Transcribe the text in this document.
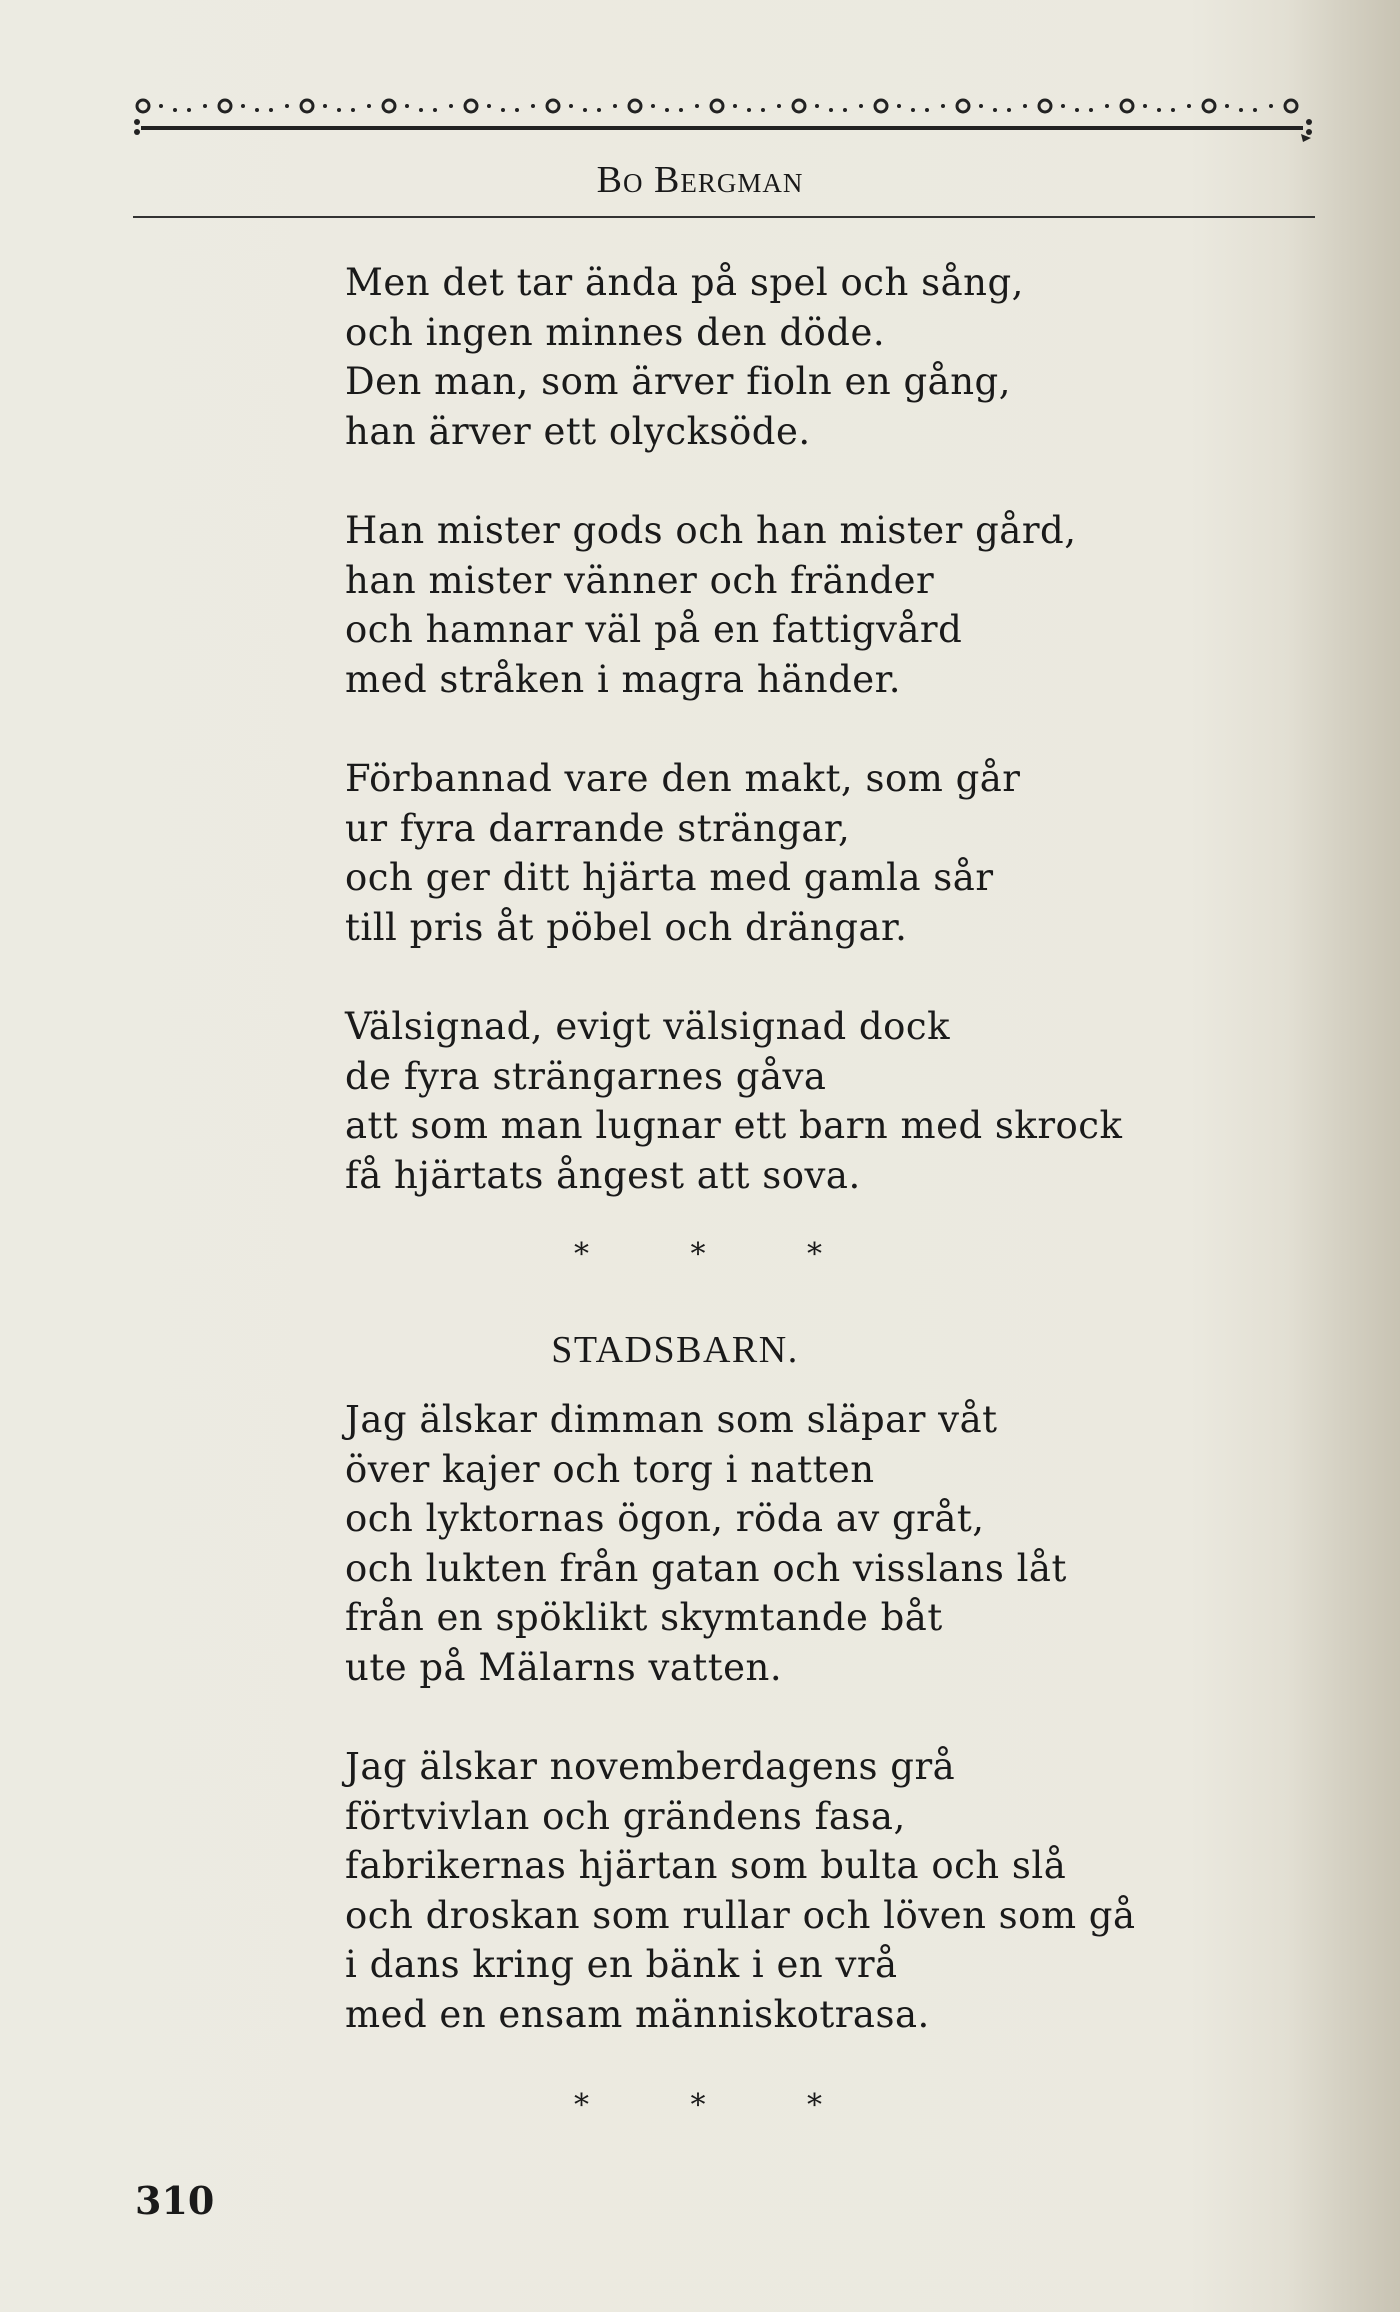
Bo Bergman
Men det tar ända på spel och sång,
och ingen minnes den döde.
Den man, som ärver fioln en gång,
han ärver ett olycksöde.
Han mister gods och han mister gård,
han mister vänner och fränder
och hamnar väl på en fattigvård
med stråken i magra händer.
Förbannad vare den makt, som går
ur fyra darrande strängar,
och ger ditt hjärta med gamla sår
till pris åt pöbel och drängar.
Välsignad, evigt välsignad dock
de fyra strängarnes gåva
att som man lugnar ett barn med skrock
få hjärtats ångest att sova.
* * *
STADSBARN.
Jag älskar dimman som släpar våt
över kajer och torg i natten
och lyktornas ögon, röda av gråt,
och lukten från gatan och visslans låt
från en spöklikt skymtande båt
ute på Mälarns vatten.
Jag älskar novemberdagens grå
förtvivlan och grändens fasa,
fabrikernas hjärtan som bulta och slå
och droskan som rullar och löven som gå
i dans kring en bänk i en vrå
med en ensam människotrasa.
* * *
310
